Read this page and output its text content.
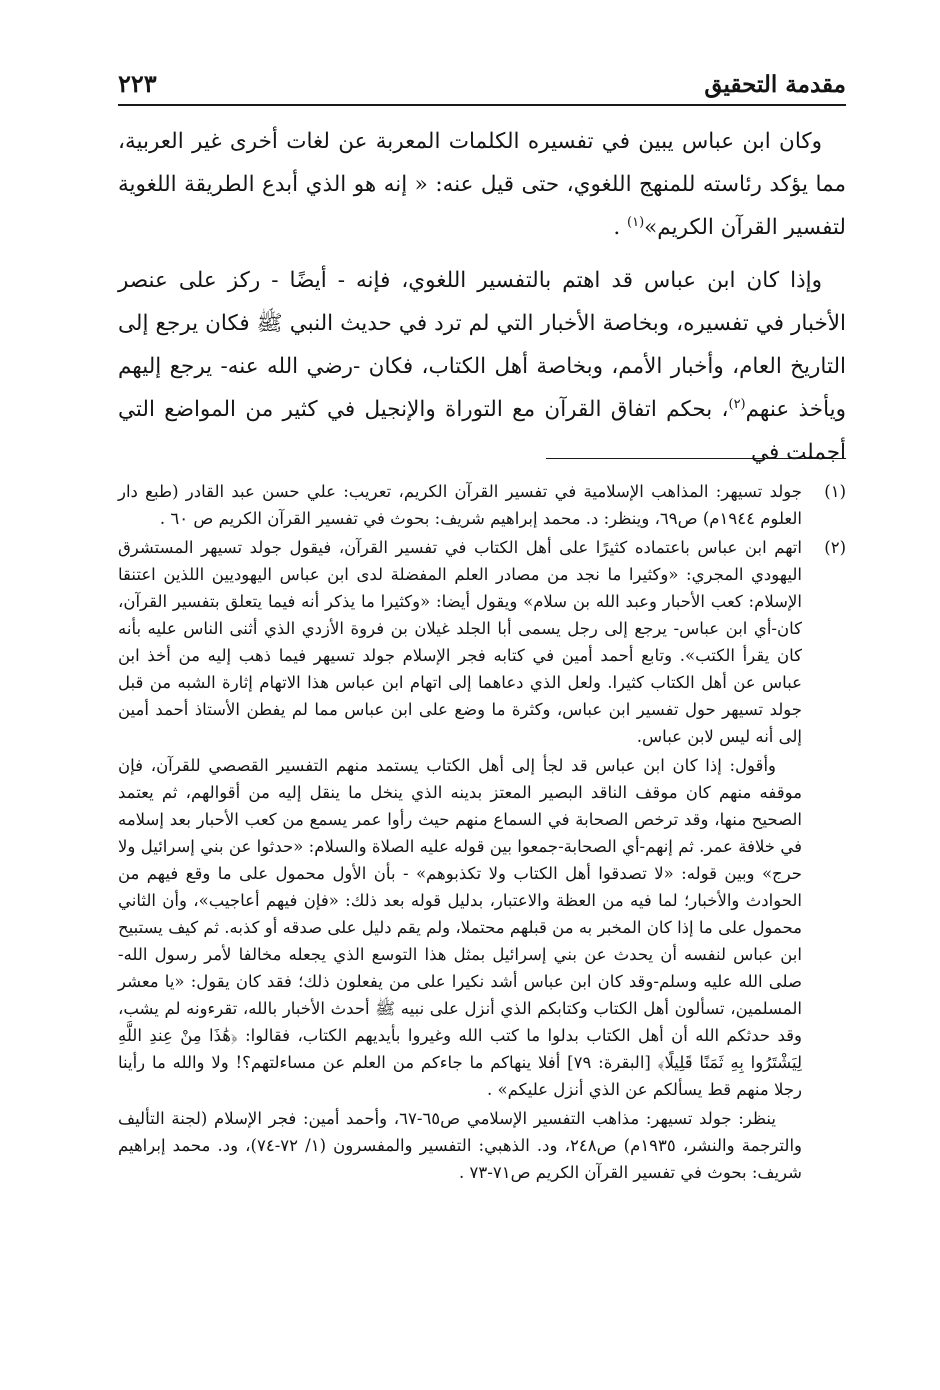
مقدمة التحقيق
٢٢٣

وكان ابن عباس يبين في تفسيره الكلمات المعربة عن لغات أخرى غير العربية، مما يؤكد رئاسته للمنهج اللغوي، حتى قيل عنه: « إنه هو الذي أبدع الطريقة اللغوية لتفسير القرآن الكريم»$^{(١)}$ .

وإذا كان ابن عباس قد اهتم بالتفسير اللغوي، فإنه - أيضًا - ركز على عنصر الأخبار في تفسيره، وبخاصة الأخبار التي لم ترد في حديث النبي ﷺ فكان يرجع إلى التاريخ العام، وأخبار الأمم، وبخاصة أهل الكتاب، فكان -رضي الله عنه- يرجع إليهم ويأخذ عنهم$^{(٢)}$، بحكم اتفاق القرآن مع التوراة والإنجيل في كثير من المواضع التي أجملت في

(١)
جولد تسيهر: المذاهب الإسلامية في تفسير القرآن الكريم، تعريب: علي حسن عبد القادر (طبع دار العلوم ١٩٤٤م) ص٦٩، وينظر: د. محمد إبراهيم شريف: بحوث في تفسير القرآن الكريم ص ٦٠ .
(٢)

اتهم ابن عباس باعتماده كثيرًا على أهل الكتاب في تفسير القرآن، فيقول جولد تسيهر المستشرق اليهودي المجري: «وكثيرا ما نجد من مصادر العلم المفضلة لدى ابن عباس اليهوديين اللذين اعتنقا الإسلام: كعب الأحبار وعبد الله بن سلام» ويقول أيضا: «وكثيرا ما يذكر أنه فيما يتعلق بتفسير القرآن، كان-أي ابن عباس- يرجع إلى رجل يسمى أبا الجلد غيلان بن فروة الأزدي الذي أثنى الناس عليه بأنه كان يقرأ الكتب». وتابع أحمد أمين في كتابه فجر الإسلام جولد تسيهر فيما ذهب إليه من أخذ ابن عباس عن أهل الكتاب كثيرا. ولعل الذي دعاهما إلى اتهام ابن عباس هذا الاتهام إثارة الشبه من قبل جولد تسيهر حول تفسير ابن عباس، وكثرة ما وضع على ابن عباس مما لم يفطن الأستاذ أحمد أمين إلى أنه ليس لابن عباس.

وأقول: إذا كان ابن عباس قد لجأ إلى أهل الكتاب يستمد منهم التفسير القصصي للقرآن، فإن موقفه منهم كان موقف الناقد البصير المعتز بدينه الذي ينخل ما ينقل إليه من أقوالهم، ثم يعتمد الصحيح منها، وقد ترخص الصحابة في السماع منهم حيث رأوا عمر يسمع من كعب الأحبار بعد إسلامه في خلافة عمر. ثم إنهم-أي الصحابة-جمعوا بين قوله عليه الصلاة والسلام: «حدثوا عن بني إسرائيل ولا حرج» وبين قوله: «لا تصدقوا أهل الكتاب ولا تكذبوهم» - بأن الأول محمول على ما وقع فيهم من الحوادث والأخبار؛ لما فيه من العظة والاعتبار، بدليل قوله بعد ذلك: «فإن فيهم أعاجيب»، وأن الثاني محمول على ما إذا كان المخبر به من قبلهم محتملا، ولم يقم دليل على صدقه أو كذبه. ثم كيف يستبيح ابن عباس لنفسه أن يحدث عن بني إسرائيل بمثل هذا التوسع الذي يجعله مخالفا لأمر رسول الله-صلى الله عليه وسلم-وقد كان ابن عباس أشد نكيرا على من يفعلون ذلك؛ فقد كان يقول: «يا معشر المسلمين، تسألون أهل الكتاب وكتابكم الذي أنزل على نبيه ﷺ أحدث الأخبار بالله، تقرءونه لم يشب، وقد حدثكم الله أن أهل الكتاب بدلوا ما كتب الله وغيروا بأيديهم الكتاب، فقالوا: ﴿هَٰذَا مِنْ عِندِ اللَّهِ لِيَشْتَرُوا بِهِ ثَمَنًا قَلِيلًا﴾ [البقرة: ٧٩] أفلا ينهاكم ما جاءكم من العلم عن مساءلتهم؟! ولا والله ما رأينا رجلا منهم قط يسألكم عن الذي أنزل عليكم» .

ينظر: جولد تسيهر: مذاهب التفسير الإسلامي ص٦٥-٦٧، وأحمد أمين: فجر الإسلام (لجنة التأليف والترجمة والنشر، ١٩٣٥م) ص٢٤٨، ود. الذهبي: التفسير والمفسرون (١/ ٧٢-٧٤)، ود. محمد إبراهيم شريف: بحوث في تفسير القرآن الكريم ص٧١-٧٣ .
